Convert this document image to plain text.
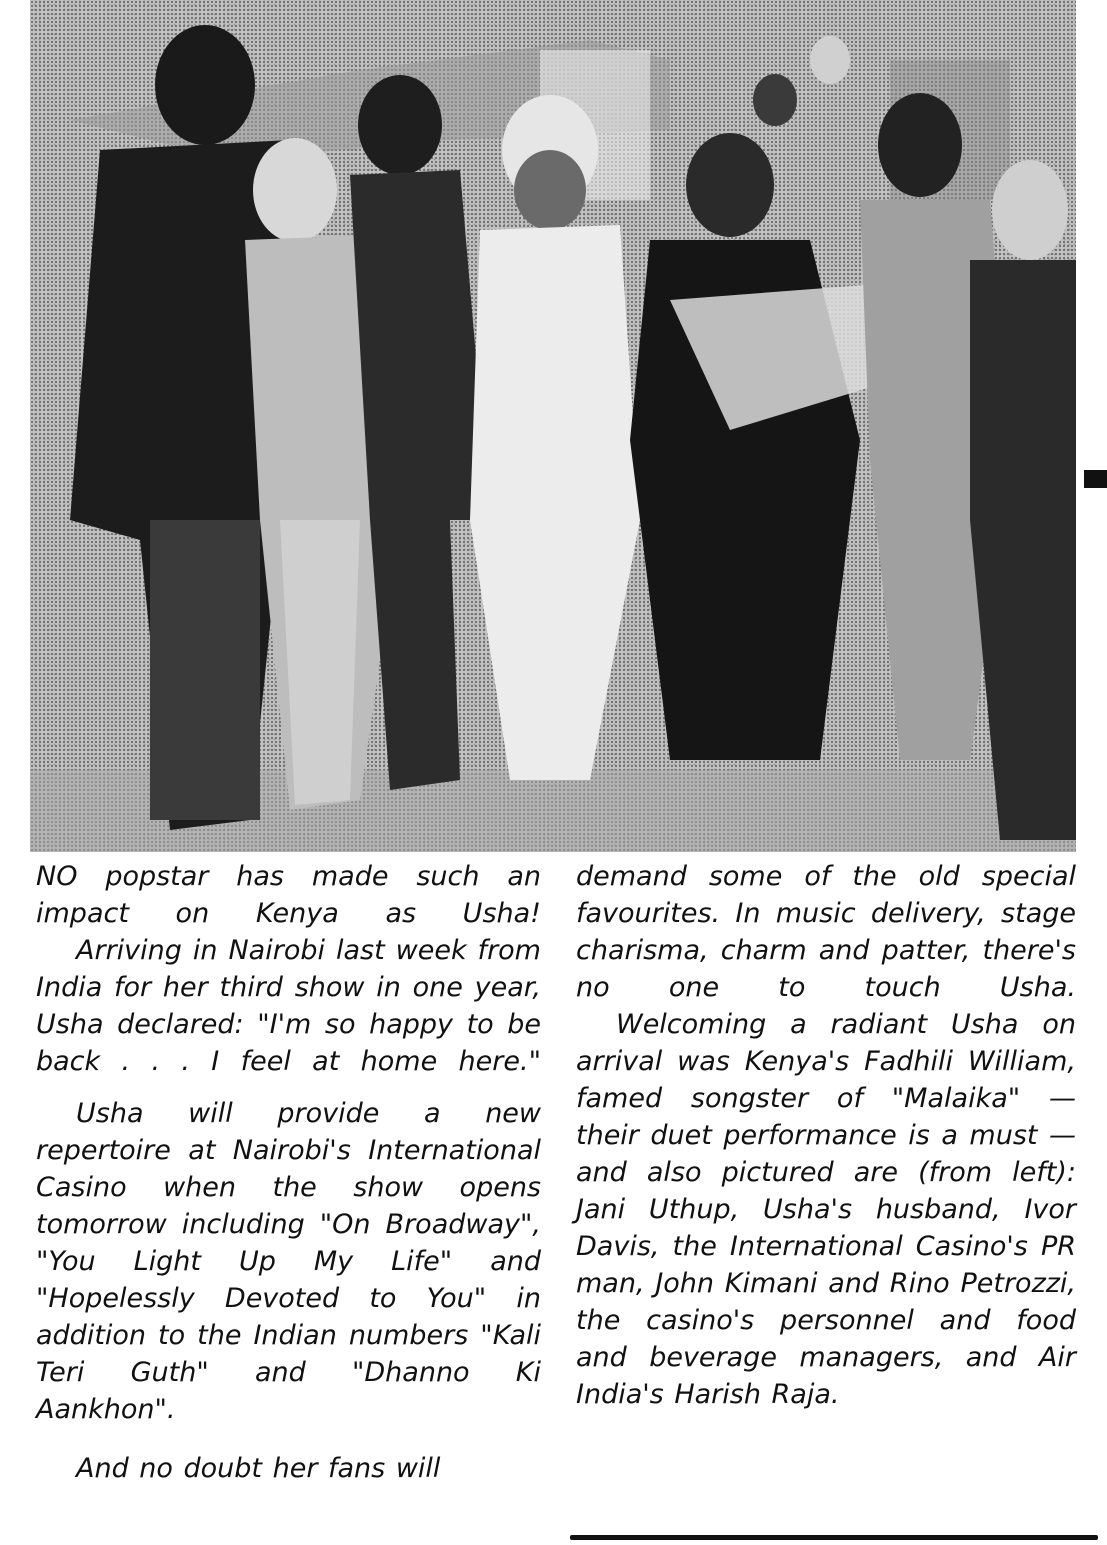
NO popstar has made such an impact on Kenya as Usha!

Arriving in Nairobi last week from India for her third show in one year, Usha declared: "I'm so happy to be back . . . I feel at home here."

Usha will provide a new repertoire at Nairobi's International Casino when the show opens tomorrow including "On Broadway", "You Light Up My Life" and "Hopelessly Devoted to You" in addition to the Indian numbers "Kali Teri Guth" and "Dhanno Ki Aankhon".

And no doubt her fans will

demand some of the old special favourites. In music delivery, stage charisma, charm and patter, there's no one to touch Usha.

Welcoming a radiant Usha on arrival was Kenya's Fadhili William, famed songster of "Malaika" — their duet performance is a must — and also pictured are (from left): Jani Uthup, Usha's husband, Ivor Davis, the International Casino's PR man, John Kimani and Rino Petrozzi, the casino's personnel and food and beverage managers, and Air India's Harish Raja.
